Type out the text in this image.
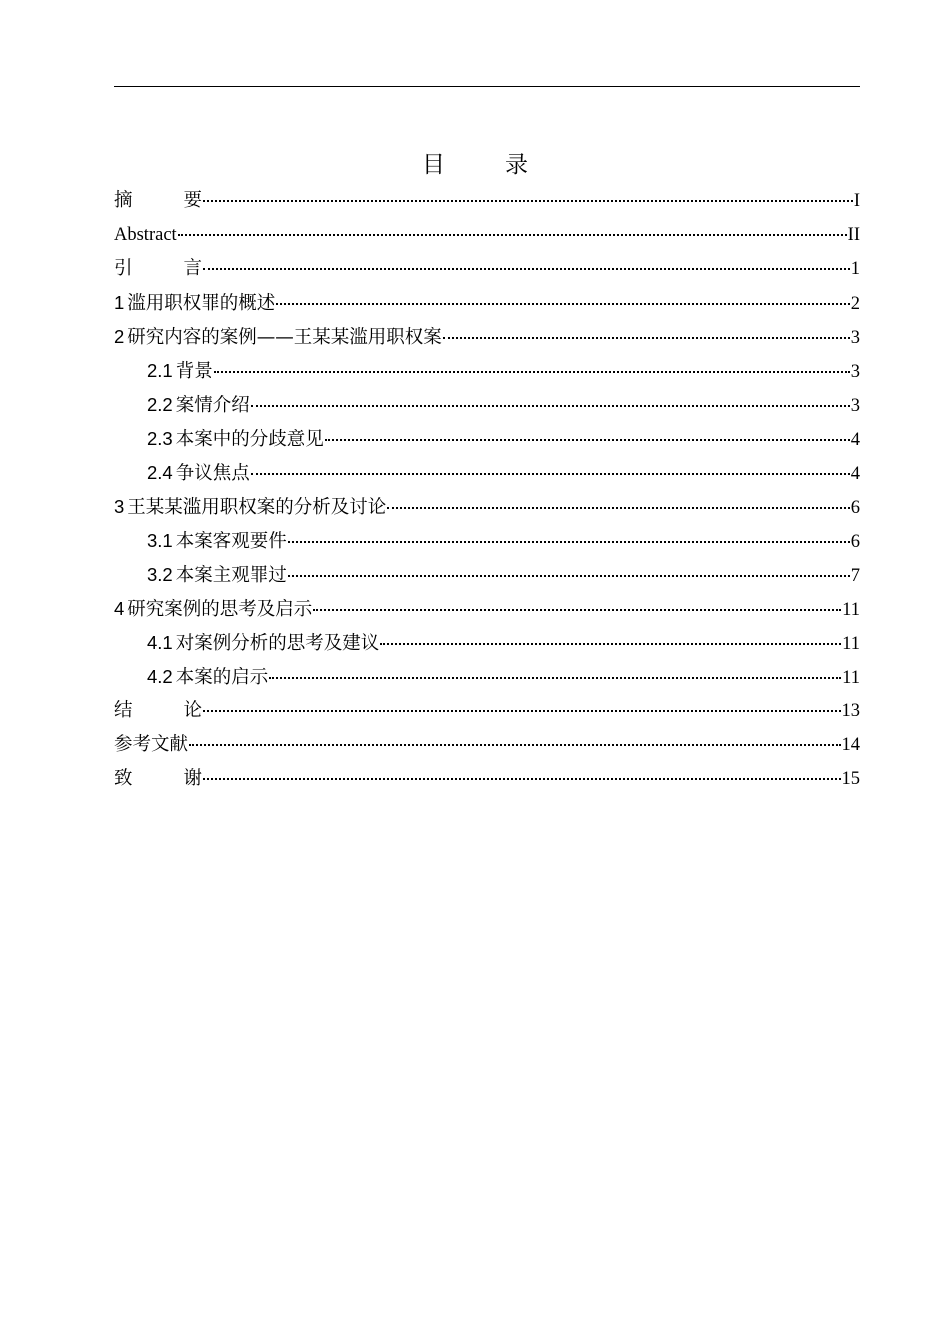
目	录
摘	要	I
Abstract	II
引	言	1
1 滥用职权罪的概述	2
2 研究内容的案例——王某某滥用职权案	3
2.1 背景	3
2.2 案情介绍	3
2.3 本案中的分歧意见	4
2.4 争议焦点	4
3 王某某滥用职权案的分析及讨论	6
3.1 本案客观要件	6
3.2 本案主观罪过	7
4 研究案例的思考及启示	11
4.1 对案例分析的思考及建议	11
4.2 本案的启示	11
结	论	13
参考文献	14
致	谢	15
